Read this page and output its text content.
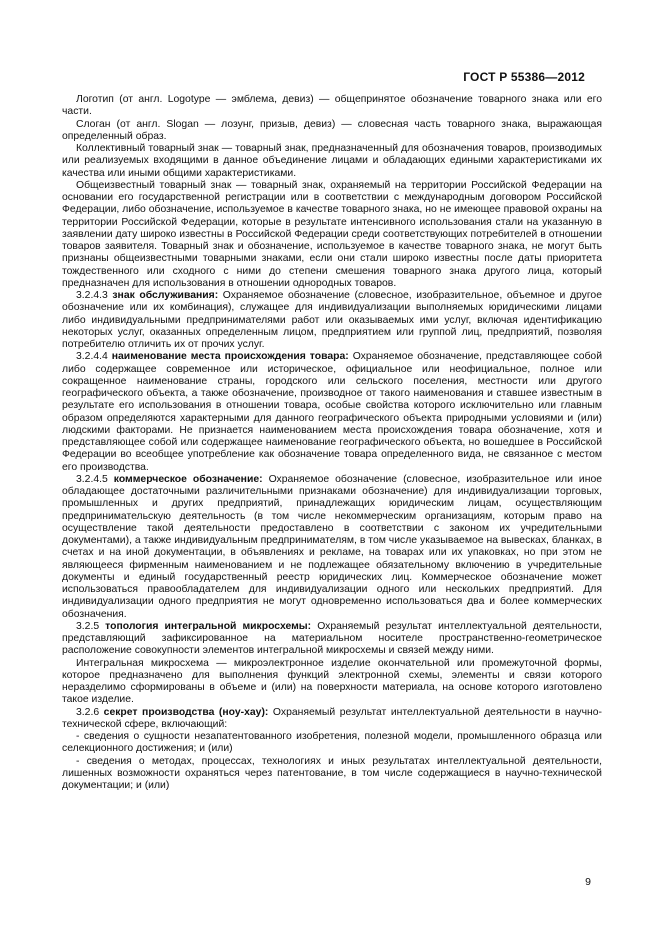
ГОСТ Р 55386—2012

Логотип (от англ. Logotype — эмблема, девиз) — общепринятое обозначение товарного знака или его части.

Слоган (от англ. Slogan — лозунг, призыв, девиз) — словесная часть товарного знака, выражающая определенный образ.

Коллективный товарный знак — товарный знак, предназначенный для обозначения товаров, производимых или реализуемых входящими в данное объединение лицами и обладающих едиными характеристиками их качества или иными общими характеристиками.

Общеизвестный товарный знак — товарный знак, охраняемый на территории Российской Федерации на основании его государственной регистрации или в соответствии с международным договором Российской Федерации, либо обозначение, используемое в качестве товарного знака, но не имеющее правовой охраны на территории Российской Федерации, которые в результате интенсивного использования стали на указанную в заявлении дату широко известны в Российской Федерации среди соответствующих потребителей в отношении товаров заявителя. Товарный знак и обозначение, используемое в качестве товарного знака, не могут быть признаны общеизвестными товарными знаками, если они стали широко известны после даты приоритета тождественного или сходного с ними до степени смешения товарного знака другого лица, который предназначен для использования в отношении однородных товаров.

3.2.4.3 знак обслуживания: Охраняемое обозначение (словесное, изобразительное, объемное и другое обозначение или их комбинация), служащее для индивидуализации выполняемых юридическими лицами либо индивидуальными предпринимателями работ или оказываемых ими услуг, включая идентификацию некоторых услуг, оказанных определенным лицом, предприятием или группой лиц, предприятий, позволяя потребителю отличить их от прочих услуг.

3.2.4.4 наименование места происхождения товара: Охраняемое обозначение, представляющее собой либо содержащее современное или историческое, официальное или неофициальное, полное или сокращенное наименование страны, городского или сельского поселения, местности или другого географического объекта, а также обозначение, производное от такого наименования и ставшее известным в результате его использования в отношении товара, особые свойства которого исключительно или главным образом определяются характерными для данного географического объекта природными условиями и (или) людскими факторами. Не признается наименованием места происхождения товара обозначение, хотя и представляющее собой или содержащее наименование географического объекта, но вошедшее в Российской Федерации во всеобщее употребление как обозначение товара определенного вида, не связанное с местом его производства.

3.2.4.5 коммерческое обозначение: Охраняемое обозначение (словесное, изобразительное или иное обладающее достаточными различительными признаками обозначение) для индивидуализации торговых, промышленных и других предприятий, принадлежащих юридическим лицам, осуществляющим предпринимательскую деятельность (в том числе некоммерческим организациям, которым право на осуществление такой деятельности предоставлено в соответствии с законом их учредительными документами), а также индивидуальным предпринимателям, в том числе указываемое на вывесках, бланках, в счетах и на иной документации, в объявлениях и рекламе, на товарах или их упаковках, но при этом не являющееся фирменным наименованием и не подлежащее обязательному включению в учредительные документы и единый государственный реестр юридических лиц. Коммерческое обозначение может использоваться правообладателем для индивидуализации одного или нескольких предприятий. Для индивидуализации одного предприятия не могут одновременно использоваться два и более коммерческих обозначения.

3.2.5 топология интегральной микросхемы: Охраняемый результат интеллектуальной деятельности, представляющий зафиксированное на материальном носителе пространственно-геометрическое расположение совокупности элементов интегральной микросхемы и связей между ними.

Интегральная микросхема — микроэлектронное изделие окончательной или промежуточной формы, которое предназначено для выполнения функций электронной схемы, элементы и связи которого неразделимо сформированы в объеме и (или) на поверхности материала, на основе которого изготовлено такое изделие.

3.2.6 секрет производства (ноу-хау): Охраняемый результат интеллектуальной деятельности в научно-технической сфере, включающий:

- сведения о сущности незапатентованного изобретения, полезной модели, промышленного образца или селекционного достижения; и (или)

- сведения о методах, процессах, технологиях и иных результатах интеллектуальной деятельности, лишенных возможности охраняться через патентование, в том числе содержащиеся в научно-технической документации; и (или)

9
